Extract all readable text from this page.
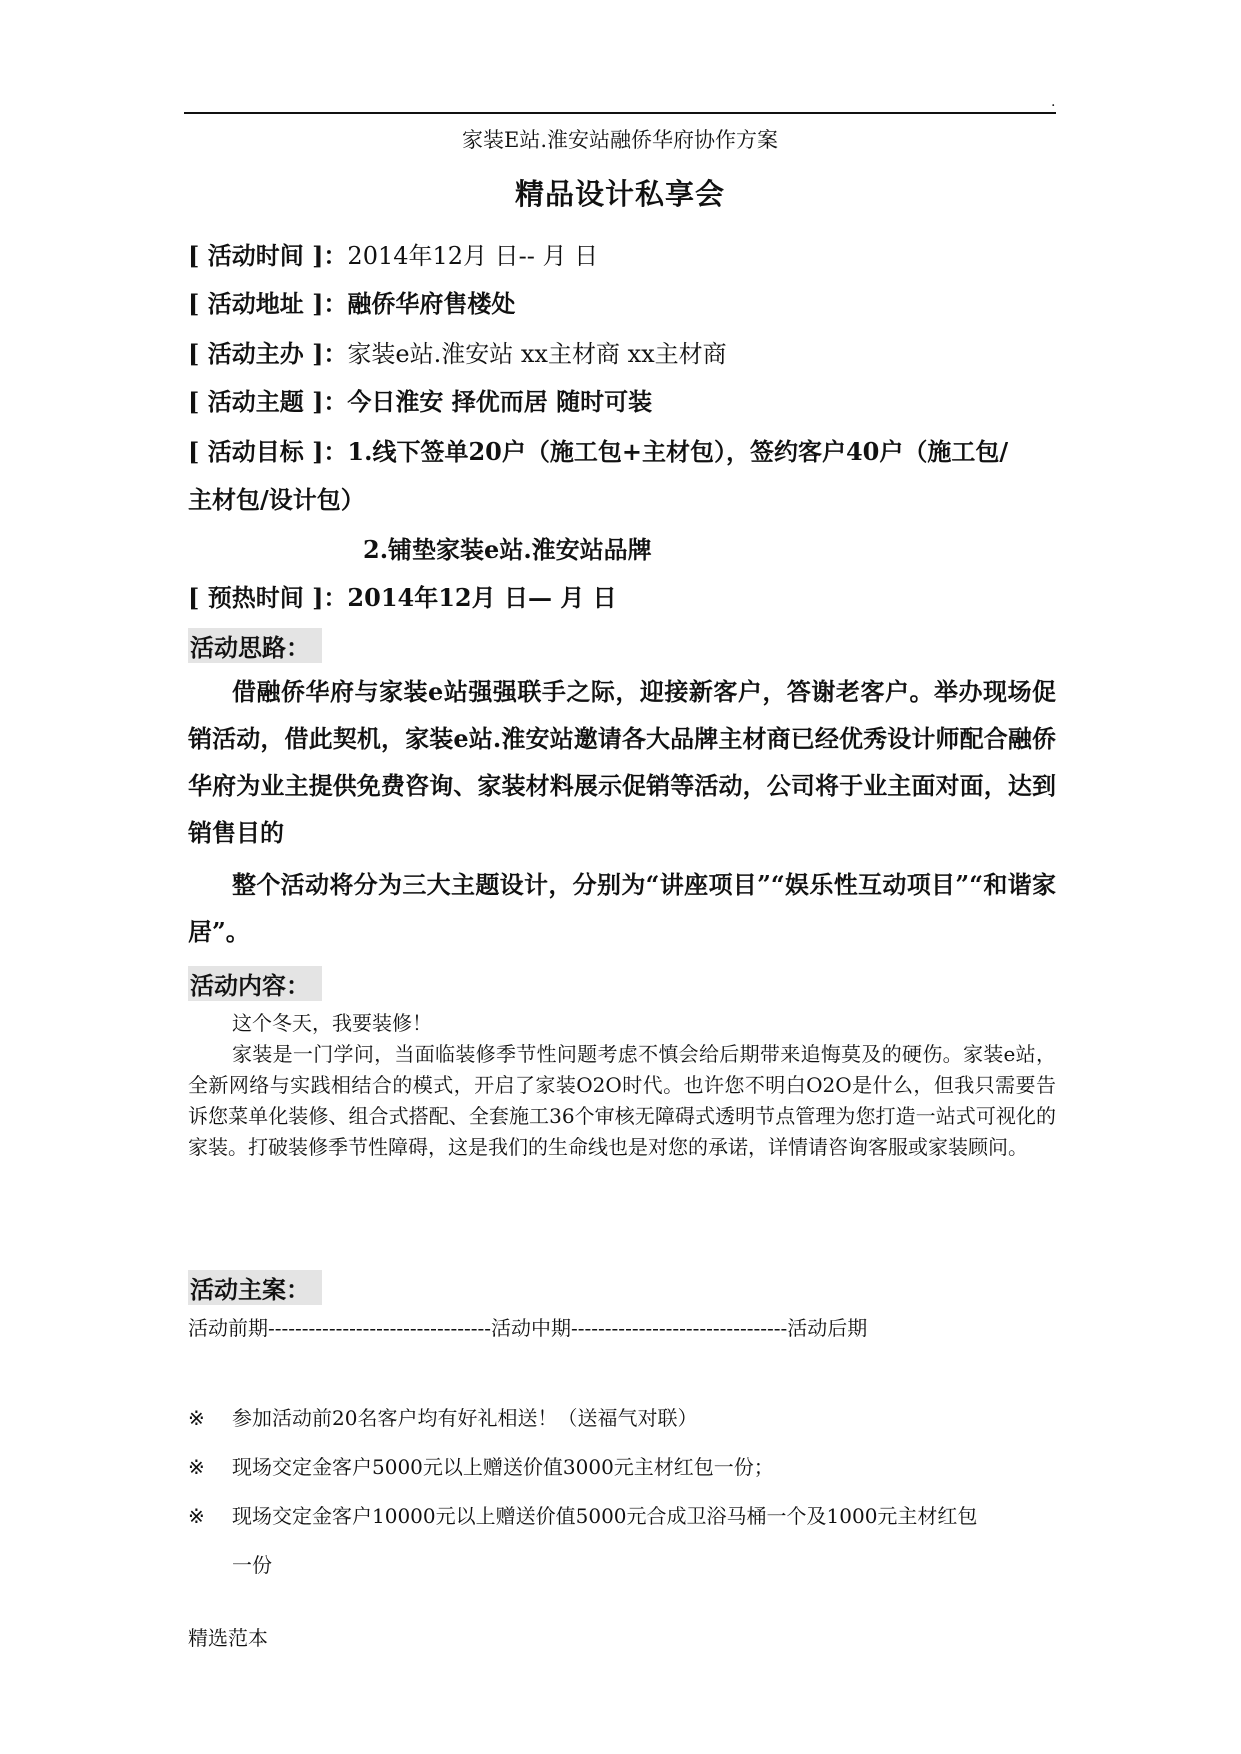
.
家装E站.淮安站融侨华府协作方案
精品设计私享会
[ 活动时间 ]：2014年12月 日-- 月 日
[ 活动地址 ]：融侨华府售楼处
[ 活动主办 ]：家装e站.淮安站 xx主材商 xx主材商
[ 活动主题 ]：今日淮安 择优而居 随时可装
[ 活动目标 ]：1.线下签单20户（施工包+主材包），签约客户40户（施工包/
主材包/设计包）
2.铺垫家装e站.淮安站品牌
[ 预热时间 ]：2014年12月 日— 月 日
活动思路：
借融侨华府与家装e站强强联手之际，迎接新客户，答谢老客户。举办现场促销活动，借此契机，家装e站.淮安站邀请各大品牌主材商已经优秀设计师配合融侨华府为业主提供免费咨询、家装材料展示促销等活动，公司将于业主面对面，达到销售目的
整个活动将分为三大主题设计，分别为“讲座项目”“娱乐性互动项目”“和谐家居”。
活动内容：
这个冬天，我要装修！
家装是一门学问，当面临装修季节性问题考虑不慎会给后期带来追悔莫及的硬伤。家装e站，全新网络与实践相结合的模式，开启了家装O2O时代。也许您不明白O2O是什么，但我只需要告诉您菜单化装修、组合式搭配、全套施工36个审核无障碍式透明节点管理为您打造一站式可视化的家装。打破装修季节性障碍，这是我们的生命线也是对您的承诺，详情请咨询客服或家装顾问。
活动主案：
活动前期---------------------------------活动中期--------------------------------活动后期
※ 参加活动前20名客户均有好礼相送！（送福气对联）
※ 现场交定金客户5000元以上赠送价值3000元主材红包一份；
※ 现场交定金客户10000元以上赠送价值5000元合成卫浴马桶一个及1000元主材红包
一份
精选范本
